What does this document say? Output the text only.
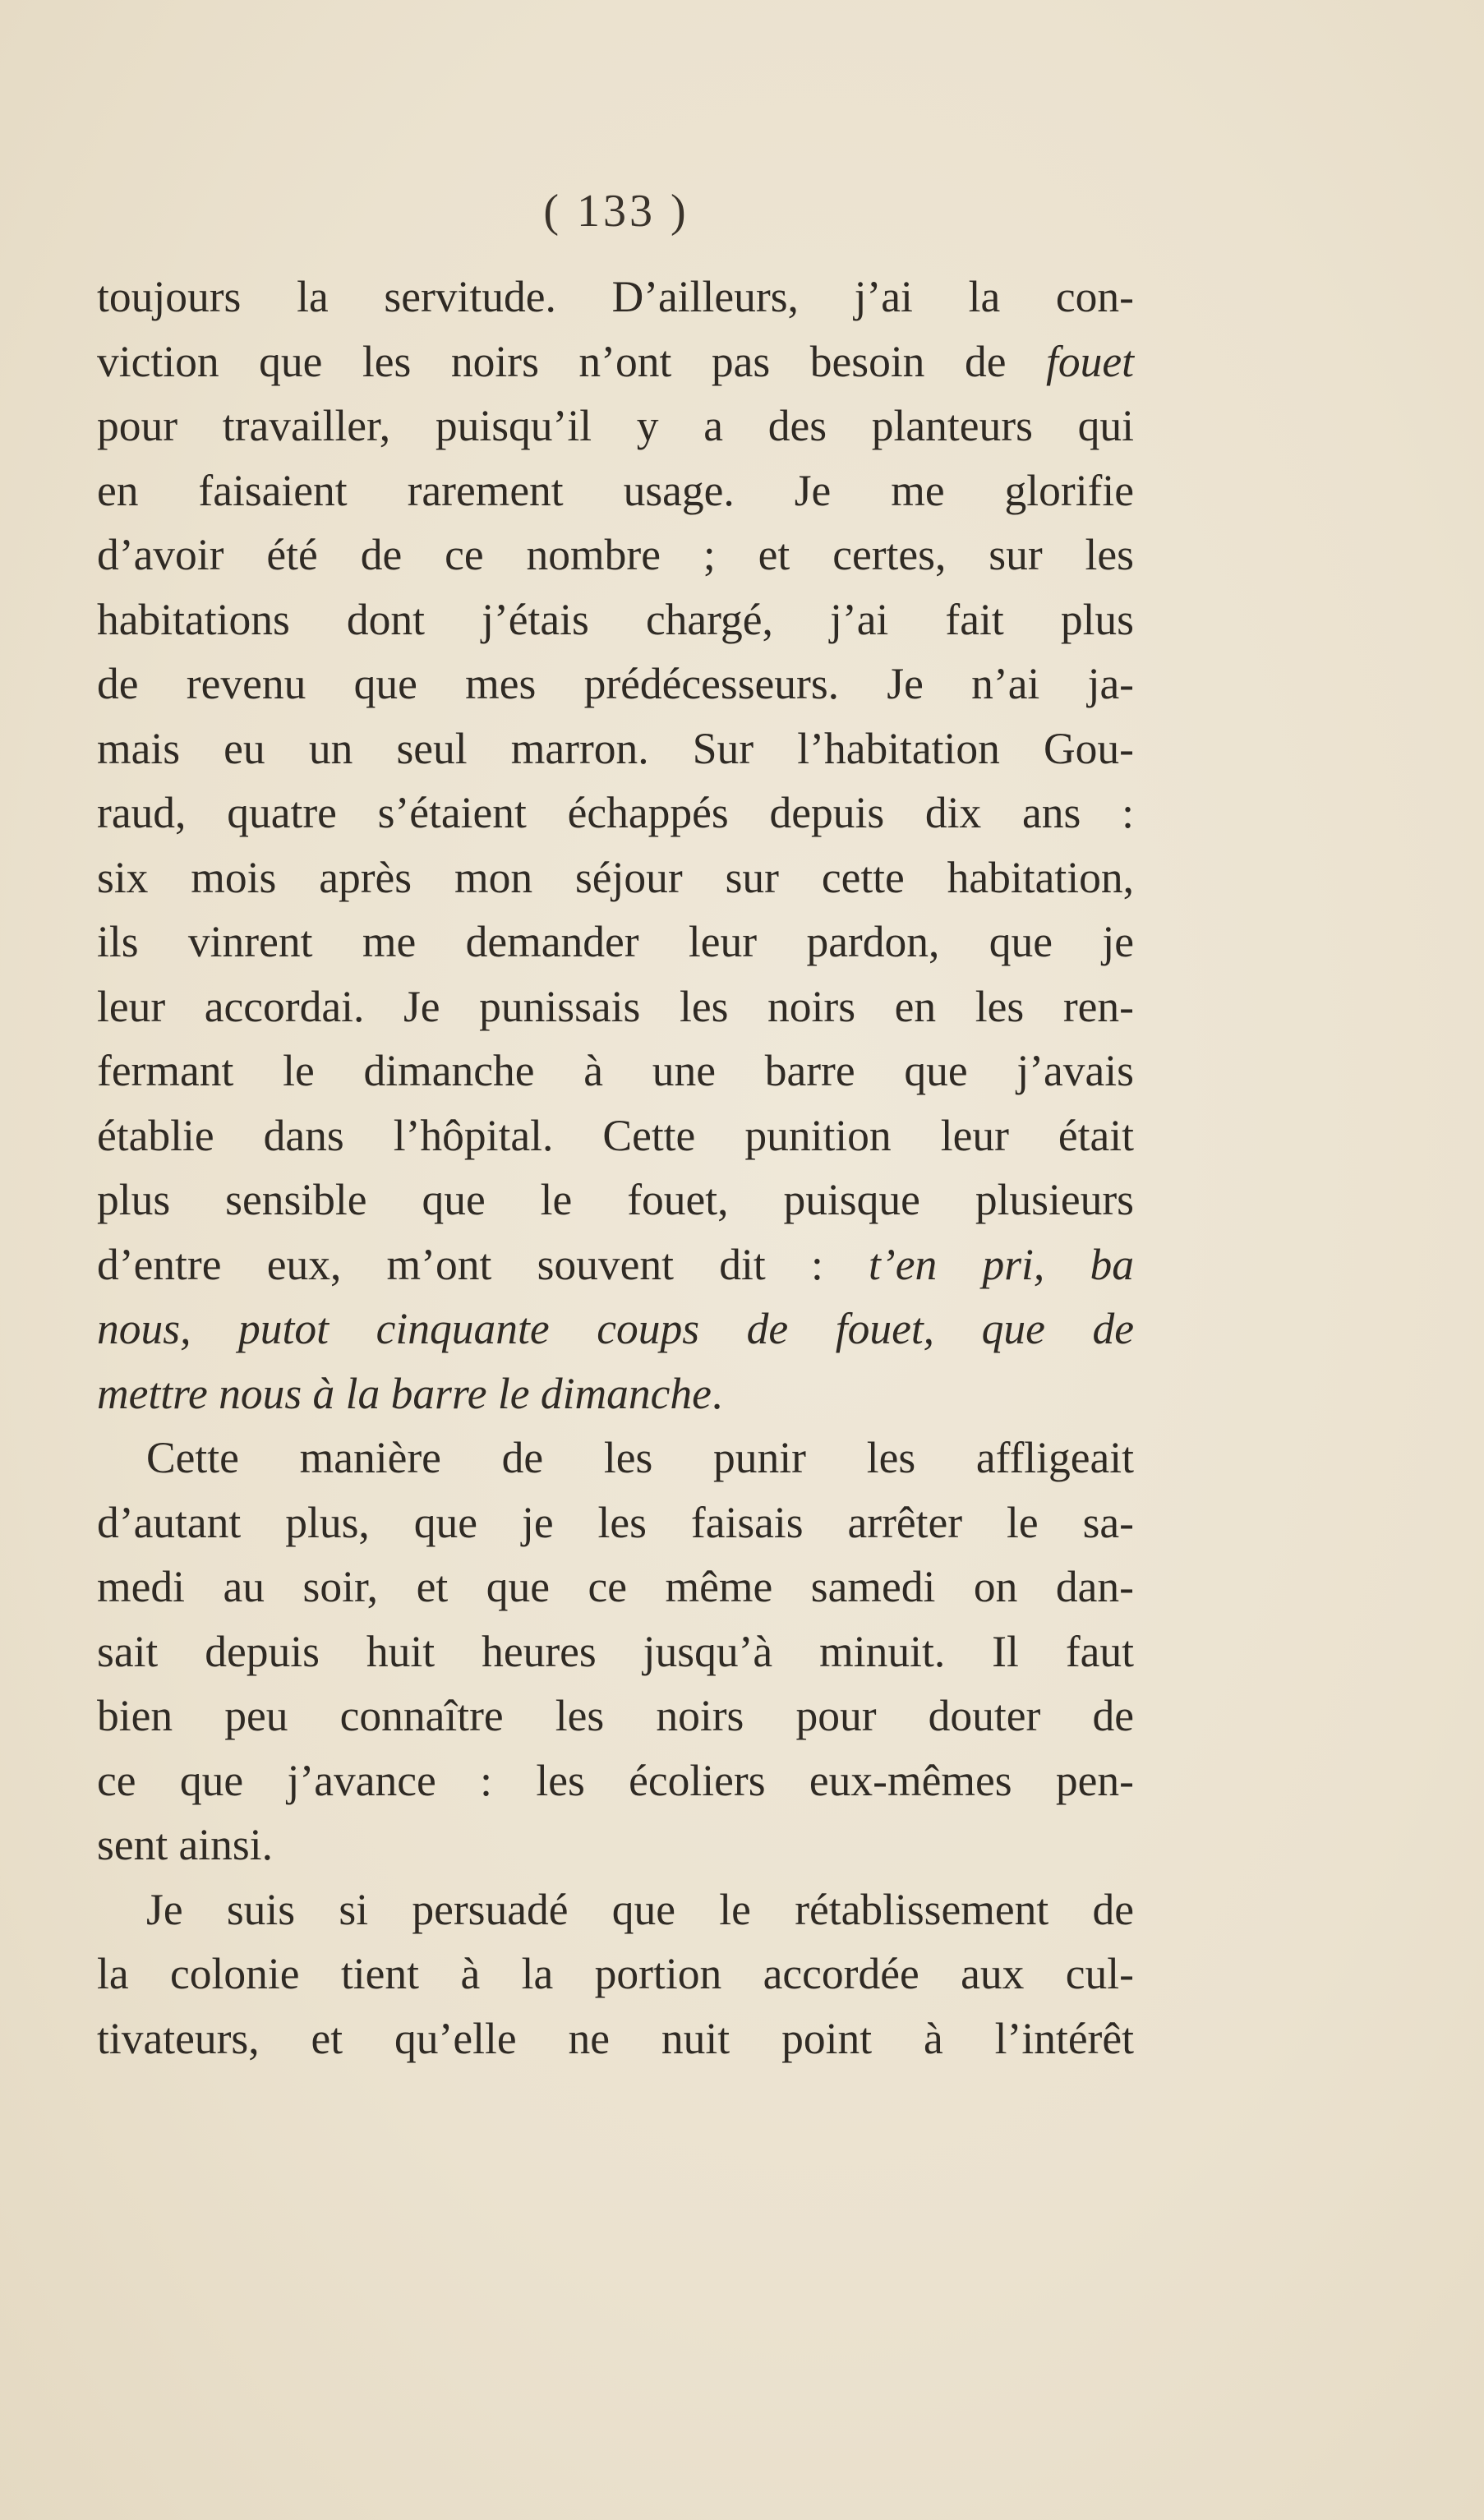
( 133 )
toujours la servitude. D’ailleurs, j’ai la con-
viction que les noirs n’ont pas besoin de fouet
pour travailler, puisqu’il y a des planteurs qui
en faisaient rarement usage. Je me glorifie
d’avoir été de ce nombre ; et certes, sur les
habitations dont j’étais chargé, j’ai fait plus
de revenu que mes prédécesseurs. Je n’ai ja-
mais eu un seul marron. Sur l’habitation Gou-
raud, quatre s’étaient échappés depuis dix ans :
six mois après mon séjour sur cette habitation,
ils vinrent me demander leur pardon, que je
leur accordai. Je punissais les noirs en les ren-
fermant le dimanche à une barre que j’avais
établie dans l’hôpital. Cette punition leur était
plus sensible que le fouet, puisque plusieurs
d’entre eux, m’ont souvent dit : t’en pri, ba
nous, putot cinquante coups de fouet, que de
mettre nous à la barre le dimanche.
Cette manière de les punir les affligeait
d’autant plus, que je les faisais arrêter le sa-
medi au soir, et que ce même samedi on dan-
sait depuis huit heures jusqu’à minuit. Il faut
bien peu connaître les noirs pour douter de
ce que j’avance : les écoliers eux-mêmes pen-
sent ainsi.
Je suis si persuadé que le rétablissement de
la colonie tient à la portion accordée aux cul-
tivateurs, et qu’elle ne nuit point à l’intérêt
